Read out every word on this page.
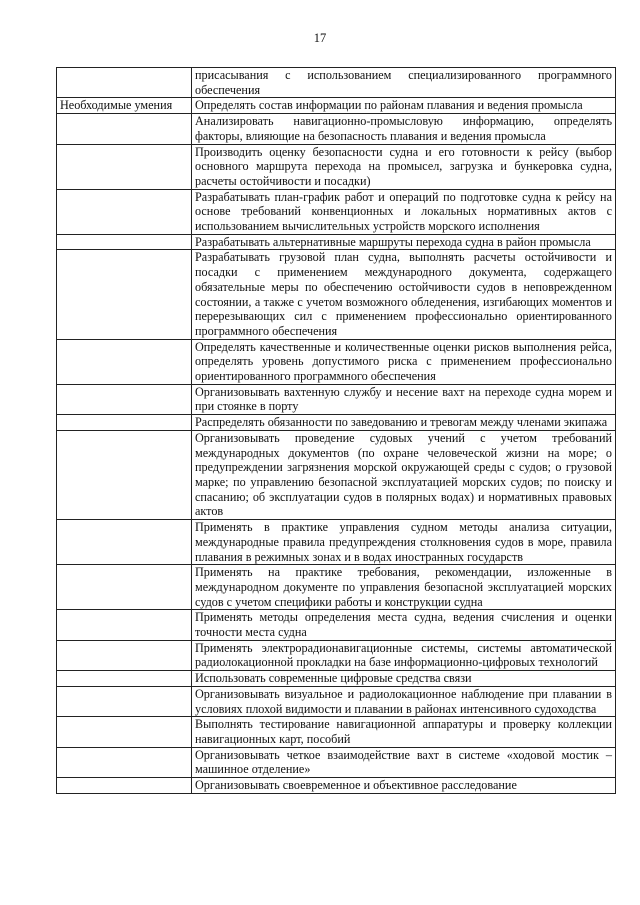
17
	присасывания с использованием специализированного программного обеспечения
Необходимые умения	Определять состав информации по районам плавания и ведения промысла
	Анализировать навигационно-промысловую информацию, определять факторы, влияющие на безопасность плавания и ведения промысла
	Производить оценку безопасности судна и его готовности к рейсу (выбор основного маршрута перехода на промысел, загрузка и бункеровка судна, расчеты остойчивости и посадки)
	Разрабатывать план-график работ и операций по подготовке судна к рейсу на основе требований конвенционных и локальных нормативных актов с использованием вычислительных устройств морского исполнения
	Разрабатывать альтернативные маршруты перехода судна в район промысла
	Разрабатывать грузовой план судна, выполнять расчеты остойчивости и посадки с применением международного документа, содержащего обязательные меры по обеспечению остойчивости судов в неповрежденном состоянии, а также с учетом возможного обледенения, изгибающих моментов и перерезывающих сил с применением профессионально ориентированного программного обеспечения
	Определять качественные и количественные оценки рисков выполнения рейса, определять уровень допустимого риска с применением профессионально ориентированного программного обеспечения
	Организовывать вахтенную службу и несение вахт на переходе судна морем и при стоянке в порту
	Распределять обязанности по заведованию и тревогам между членами экипажа
	Организовывать проведение судовых учений с учетом требований международных документов (по охране человеческой жизни на море; о предупреждении загрязнения морской окружающей среды с судов; о грузовой марке; по управлению безопасной эксплуатацией морских судов; по поиску и спасанию; об эксплуатации судов в полярных водах) и нормативных правовых актов
	Применять в практике управления судном методы анализа ситуации, международные правила предупреждения столкновения судов в море, правила плавания в режимных зонах и в водах иностранных государств
	Применять на практике требования, рекомендации, изложенные в международном документе по управления безопасной эксплуатацией морских судов с учетом специфики работы и конструкции судна
	Применять методы определения места судна, ведения счисления и оценки точности места судна
	Применять электрорадионавигационные системы, системы автоматической радиолокационной прокладки на базе информационно-цифровых технологий
	Использовать современные цифровые средства связи
	Организовывать визуальное и радиолокационное наблюдение при плавании в условиях плохой видимости и плавании в районах интенсивного судоходства
	Выполнять тестирование навигационной аппаратуры и проверку коллекции навигационных карт, пособий
	Организовывать четкое взаимодействие вахт в системе «ходовой мостик – машинное отделение»
	Организовывать своевременное и объективное расследование
